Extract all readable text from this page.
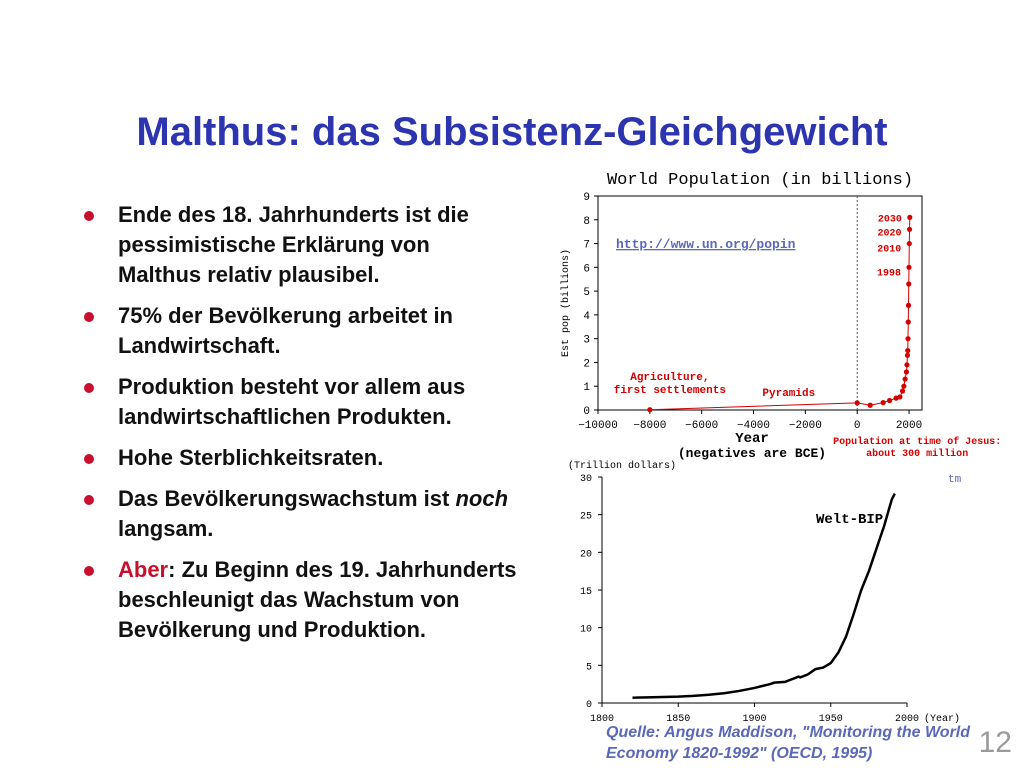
Malthus: das Subsistenz-Gleichgewicht
Ende des 18. Jahrhunderts ist die pessimistische Erklärung von Malthus relativ plausibel.
75% der Bevölkerung arbeitet in Landwirtschaft.
Produktion besteht vor allem aus landwirtschaftlichen Produkten.
Hohe Sterblichkeitsraten.
Das Bevölkerungswachstum ist noch langsam.
Aber: Zu Beginn des 19. Jahrhunderts beschleunigt das Wachstum von Bevölkerung und Produktion.
World Population (in billions)
0
1
2
3
4
5
6
7
8
9
−10000 −8000 −6000 −4000 −2000	0	2000
Est pop (billions)
Year
(negatives are BCE)
http://www.un.org/popin
tm
2030
2020
2010
1998
Agriculture,
first settlements	Pyramids
Population at time of Jesus:
about 300 million
(Trillion dollars)
0
5
10
15
20
25
30
1800	1850	1900	1950	2000 (Year)
Welt-BIP
Quelle: Angus Maddison, "Monitoring the World Economy 1820-1992" (OECD, 1995)	12
